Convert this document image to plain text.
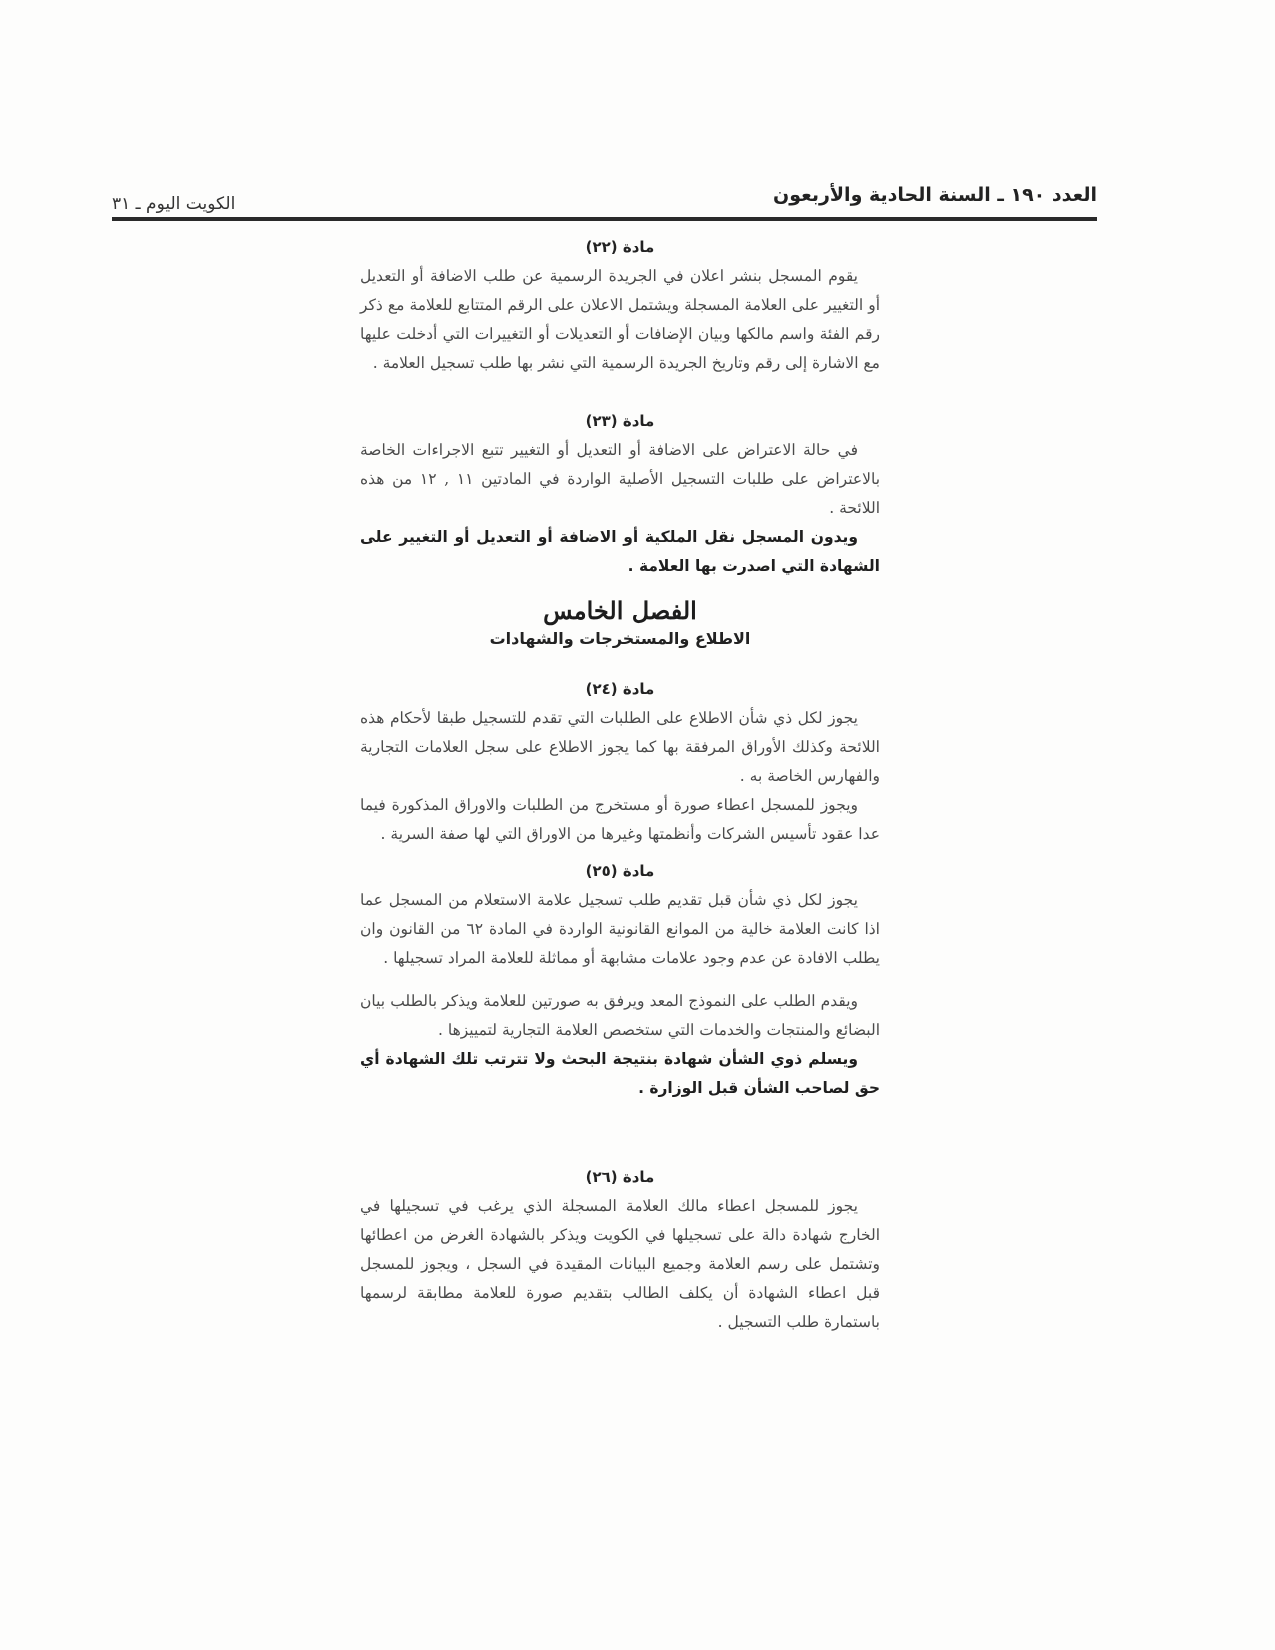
العدد ١٩٠ ـ السنة الحادية والأربعون
الكويت اليوم ـ ٣١
مادة (٢٢)

يقوم المسجل بنشر اعلان في الجريدة الرسمية عن طلب الاضافة أو التعديل أو التغيير على العلامة المسجلة ويشتمل الاعلان على الرقم المتتابع للعلامة مع ذكر رقم الفئة واسم مالكها وبيان الإضافات أو التعديلات أو التغييرات التي أدخلت عليها مع الاشارة إلى رقم وتاريخ الجريدة الرسمية التي نشر بها طلب تسجيل العلامة .

مادة (٢٣)

في حالة الاعتراض على الاضافة أو التعديل أو التغيير تتبع الاجراءات الخاصة بالاعتراض على طلبات التسجيل الأصلية الواردة في المادتين ١١ , ١٢ من هذه اللائحة .

ويدون المسجل نقل الملكية أو الاضافة أو التعديل أو التغيير على الشهادة التي اصدرت بها العلامة .

الفصل الخامس
الاطلاع والمستخرجات والشهادات
مادة (٢٤)

يجوز لكل ذي شأن الاطلاع على الطلبات التي تقدم للتسجيل طبقا لأحكام هذه اللائحة وكذلك الأوراق المرفقة بها كما يجوز الاطلاع على سجل العلامات التجارية والفهارس الخاصة به .

ويجوز للمسجل اعطاء صورة أو مستخرج من الطلبات والاوراق المذكورة فيما عدا عقود تأسيس الشركات وأنظمتها وغيرها من الاوراق التي لها صفة السرية .

مادة (٢٥)

يجوز لكل ذي شأن قبل تقديم طلب تسجيل علامة الاستعلام من المسجل عما اذا كانت العلامة خالية من الموانع القانونية الواردة في المادة ٦٢ من القانون وان يطلب الافادة عن عدم وجود علامات مشابهة أو مماثلة للعلامة المراد تسجيلها .

ويقدم الطلب على النموذج المعد ويرفق به صورتين للعلامة ويذكر بالطلب بيان البضائع والمنتجات والخدمات التي ستخصص العلامة التجارية لتمييزها .

ويسلم ذوي الشأن شهادة بنتيجة البحث ولا تترتب تلك الشهادة أي حق لصاحب الشأن قبل الوزارة .

مادة (٢٦)

يجوز للمسجل اعطاء مالك العلامة المسجلة الذي يرغب في تسجيلها في الخارج شهادة دالة على تسجيلها في الكويت ويذكر بالشهادة الغرض من اعطائها وتشتمل على رسم العلامة وجميع البيانات المقيدة في السجل ، ويجوز للمسجل قبل اعطاء الشهادة أن يكلف الطالب بتقديم صورة للعلامة مطابقة لرسمها باستمارة طلب التسجيل .
